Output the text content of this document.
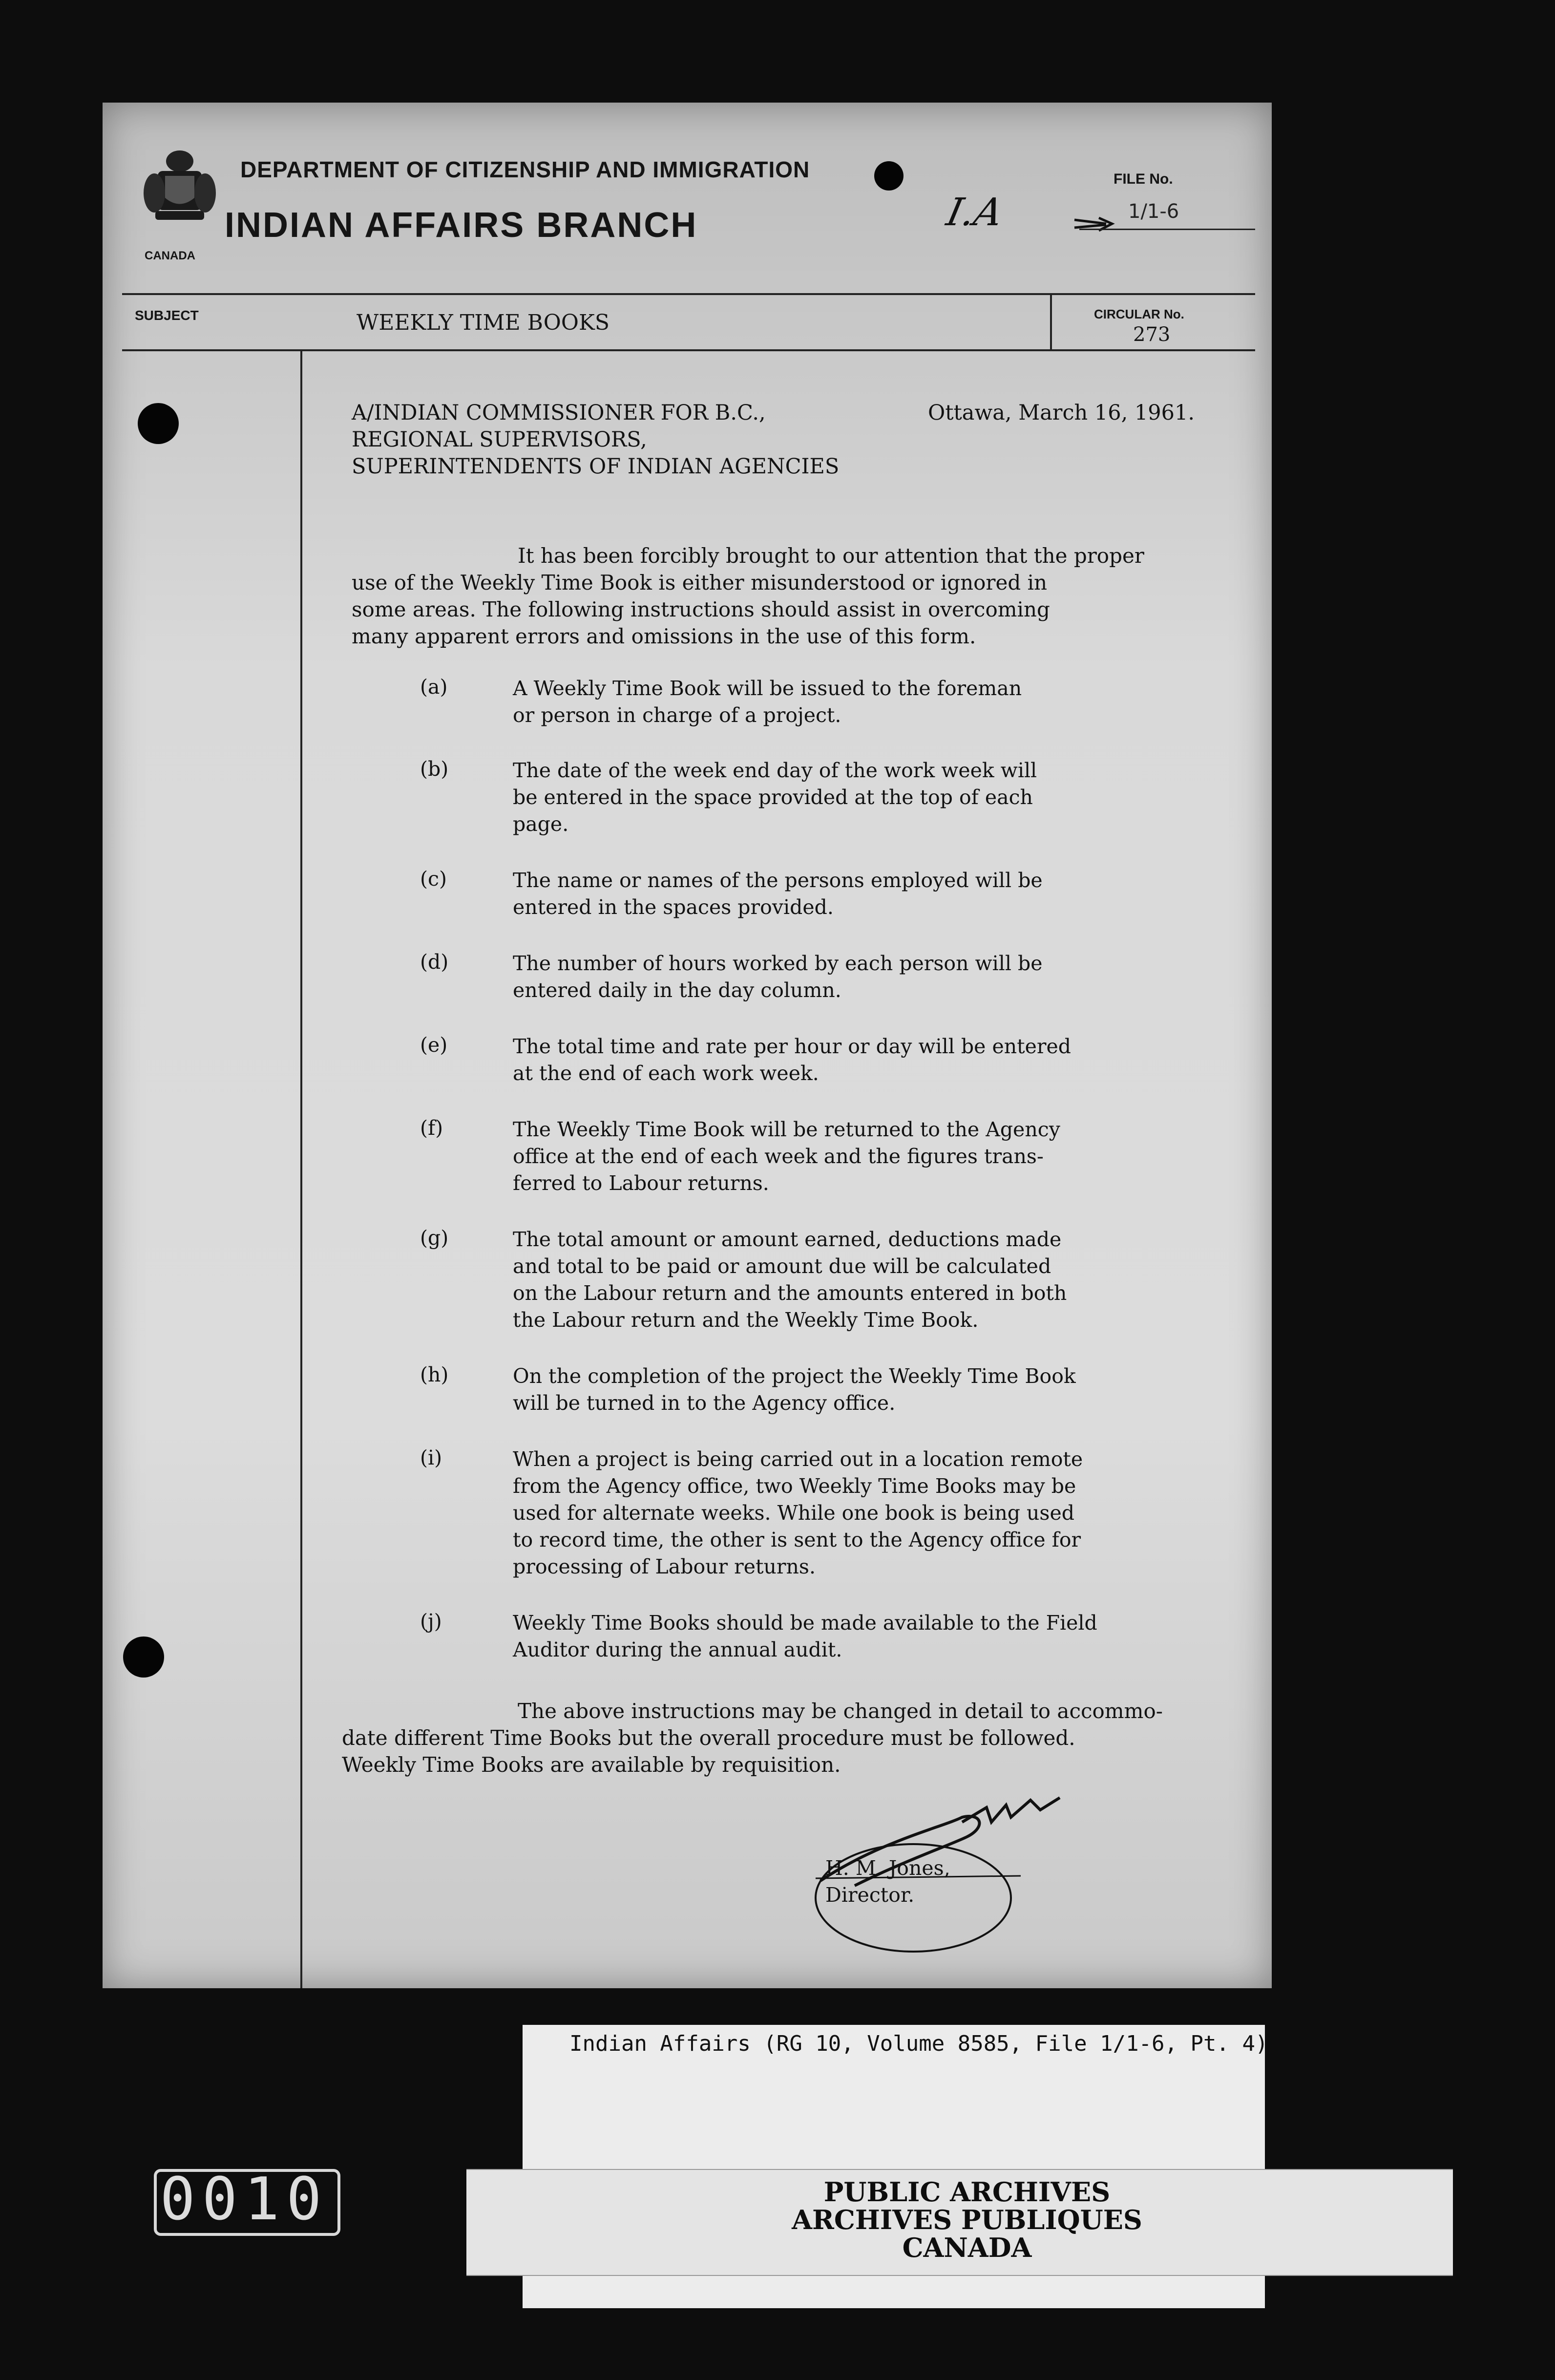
CANADA
DEPARTMENT OF CITIZENSHIP AND IMMIGRATION
INDIAN AFFAIRS BRANCH
FILE No.
I.A	1/1-6
SUBJECT	WEEKLY TIME BOOKS	CIRCULAR No.
273
A/INDIAN COMMISSIONER FOR B.C.,
REGIONAL SUPERVISORS,
SUPERINTENDENTS OF INDIAN AGENCIES
Ottawa, March 16, 1961.
It has been forcibly brought to our attention that the proper
use of the Weekly Time Book is either misunderstood or ignored in
some areas. The following instructions should assist in overcoming
many apparent errors and omissions in the use of this form.
(a)	A Weekly Time Book will be issued to the foreman
or person in charge of a project.
(b)	The date of the week end day of the work week will
be entered in the space provided at the top of each
page.
(c)	The name or names of the persons employed will be
entered in the spaces provided.
(d)	The number of hours worked by each person will be
entered daily in the day column.
(e)	The total time and rate per hour or day will be entered
at the end of each work week.
(f)	The Weekly Time Book will be returned to the Agency
office at the end of each week and the figures trans-
ferred to Labour returns.
(g)	The total amount or amount earned, deductions made
and total to be paid or amount due will be calculated
on the Labour return and the amounts entered in both
the Labour return and the Weekly Time Book.
(h)	On the completion of the project the Weekly Time Book
will be turned in to the Agency office.
(i)	When a project is being carried out in a location remote
from the Agency office, two Weekly Time Books may be
used for alternate weeks. While one book is being used
to record time, the other is sent to the Agency office for
processing of Labour returns.
(j)	Weekly Time Books should be made available to the Field
Auditor during the annual audit.
The above instructions may be changed in detail to accommo-
date different Time Books but the overall procedure must be followed.
Weekly Time Books are available by requisition.
H. M. Jones,
Director.
Indian Affairs (RG 10, Volume 8585, File 1/1-6, Pt. 4)
PUBLIC ARCHIVES
ARCHIVES PUBLIQUES
CANADA
0010
